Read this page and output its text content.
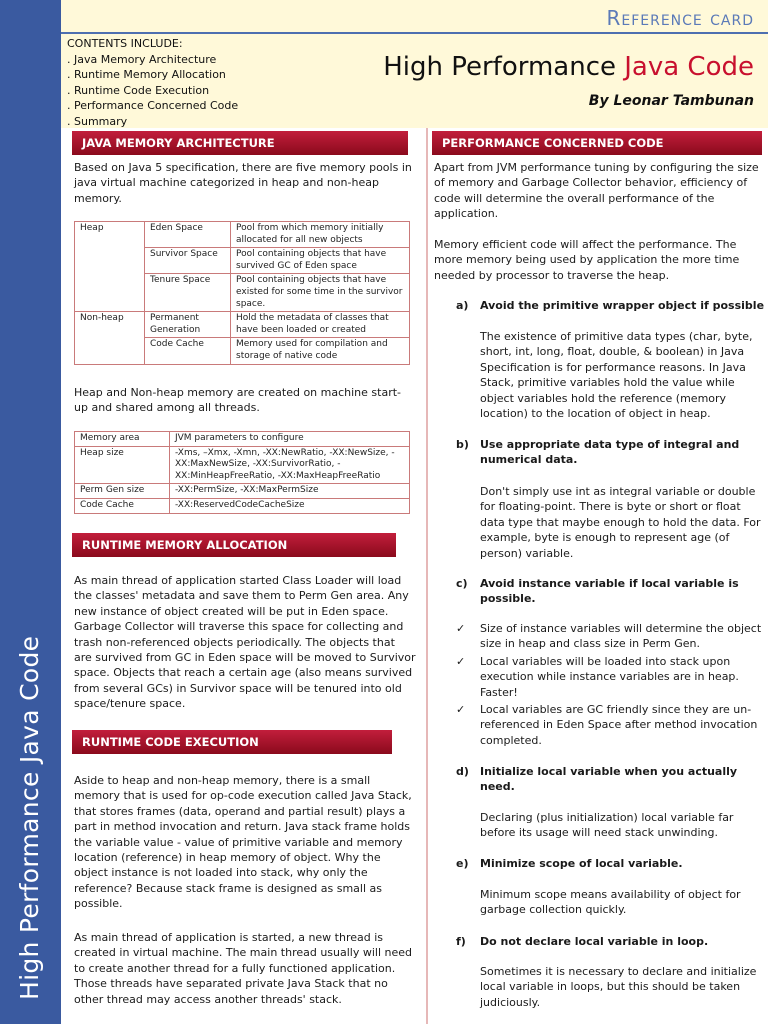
High Performance Java Code
Reference card
CONTENTS INCLUDE:
. Java Memory Architecture
. Runtime Memory Allocation
. Runtime Code Execution
. Performance Concerned Code
. Summary
High Performance Java Code
By Leonar Tambunan
JAVA MEMORY ARCHITECTURE
Based on Java 5 specification, there are five memory pools in java virtual machine categorized in heap and non-heap memory.
Heap	Eden Space	Pool from which memory initially allocated for all new objects
	Survivor Space	Pool containing objects that have survived GC of Eden space
	Tenure Space	Pool containing objects that have existed for some time in the survivor space.
Non-heap	Permanent Generation	Hold the metadata of classes that have been loaded or created
	Code Cache	Memory used for compilation and storage of native code
Heap and Non-heap memory are created on machine start-up and shared among all threads.
Memory area	JVM parameters to configure
Heap size	-Xms, –Xmx, -Xmn, -XX:NewRatio, -XX:NewSize, -XX:MaxNewSize, -XX:SurvivorRatio, -XX:MinHeapFreeRatio, -XX:MaxHeapFreeRatio
Perm Gen size	-XX:PermSize, -XX:MaxPermSize
Code Cache	-XX:ReservedCodeCacheSize
RUNTIME MEMORY ALLOCATION
As main thread of application started Class Loader will load the classes' metadata and save them to Perm Gen area. Any new instance of object created will be put in Eden space. Garbage Collector will traverse this space for collecting and trash non-referenced objects periodically. The objects that are survived from GC in Eden space will be moved to Survivor space. Objects that reach a certain age (also means survived from several GCs) in Survivor space will be tenured into old space/tenure space.
RUNTIME CODE EXECUTION
Aside to heap and non-heap memory, there is a small memory that is used for op-code execution called Java Stack, that stores frames (data, operand and partial result) plays a part in method invocation and return. Java stack frame holds the variable value - value of primitive variable and memory location (reference) in heap memory of object. Why the object instance is not loaded into stack, why only the reference? Because stack frame is designed as small as possible.
As main thread of application is started, a new thread is created in virtual machine. The main thread usually will need to create another thread for a fully functioned application. Those threads have separated private Java Stack that no other thread may access another threads' stack.
PERFORMANCE CONCERNED CODE
Apart from JVM performance tuning by configuring the size of memory and Garbage Collector behavior, efficiency of code will determine the overall performance of the application.
Memory efficient code will affect the performance. The more memory being used by application the more time needed by processor to traverse the heap.
a) Avoid the primitive wrapper object if possible
The existence of primitive data types (char, byte, short, int, long, float, double, & boolean) in Java Specification is for performance reasons. In Java Stack, primitive variables hold the value while object variables hold the reference (memory location) to the location of object in heap.
b)	Use appropriate data type of integral and numerical data.
Don't simply use int as integral variable or double for floating-point. There is byte or short or float data type that maybe enough to hold the data. For example, byte is enough to represent age (of person) variable.
c)	Avoid instance variable if local variable is possible.
✓ Size of instance variables will determine the object size in heap and class size in Perm Gen.
✓ Local variables will be loaded into stack upon execution while instance variables are in heap. Faster!
✓ Local variables are GC friendly since they are un-referenced in Eden Space after method invocation completed.
d)	Initialize local variable when you actually need.
Declaring (plus initialization) local variable far before its usage will need stack unwinding.
e) Minimize scope of local variable.
Minimum scope means availability of object for garbage collection quickly.
f) Do not declare local variable in loop.
Sometimes it is necessary to declare and initialize local variable in loops, but this should be taken judiciously.
